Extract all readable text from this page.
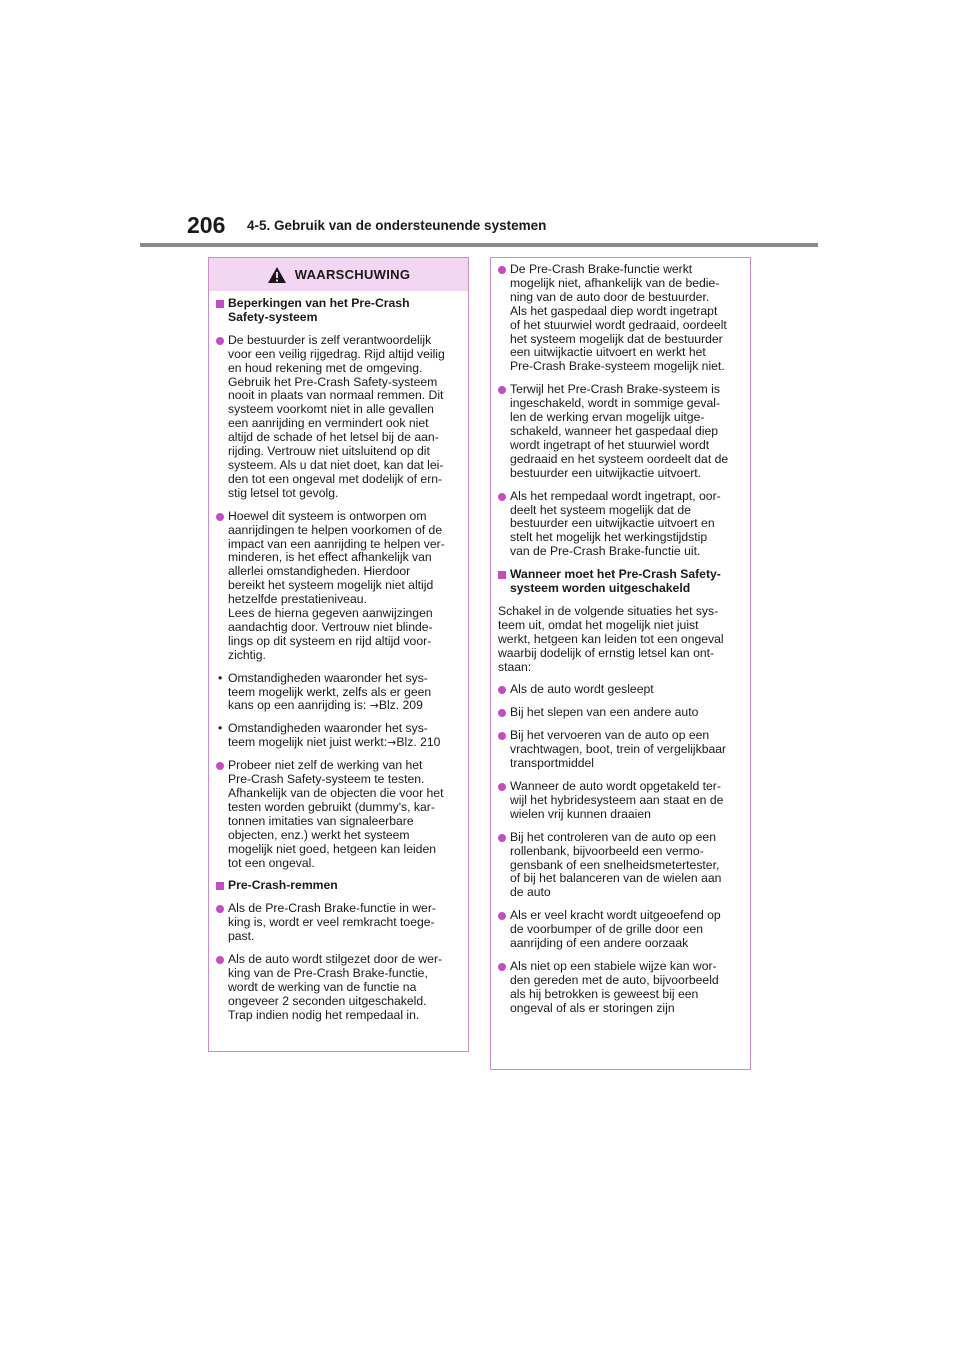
206 4-5. Gebruik van de ondersteunende systemen
WAARSCHUWING
Beperkingen van het Pre-Crash
Safety-systeem
De bestuurder is zelf verantwoordelijk
voor een veilig rijgedrag. Rijd altijd veilig
en houd rekening met de omgeving.
Gebruik het Pre-Crash Safety-systeem
nooit in plaats van normaal remmen. Dit
systeem voorkomt niet in alle gevallen
een aanrijding en vermindert ook niet
altijd de schade of het letsel bij de aan-
rijding. Vertrouw niet uitsluitend op dit
systeem. Als u dat niet doet, kan dat lei-
den tot een ongeval met dodelijk of ern-
stig letsel tot gevolg.
Hoewel dit systeem is ontworpen om
aanrijdingen te helpen voorkomen of de
impact van een aanrijding te helpen ver-
minderen, is het effect afhankelijk van
allerlei omstandigheden. Hierdoor
bereikt het systeem mogelijk niet altijd
hetzelfde prestatieniveau.
Lees de hierna gegeven aanwijzingen
aandachtig door. Vertrouw niet blinde-
lings op dit systeem en rijd altijd voor-
zichtig.
• Omstandigheden waaronder het sys-
teem mogelijk werkt, zelfs als er geen
kans op een aanrijding is: →Blz. 209
• Omstandigheden waaronder het sys-
teem mogelijk niet juist werkt:→Blz. 210
Probeer niet zelf de werking van het
Pre-Crash Safety-systeem te testen.
Afhankelijk van de objecten die voor het
testen worden gebruikt (dummy's, kar-
tonnen imitaties van signaleerbare
objecten, enz.) werkt het systeem
mogelijk niet goed, hetgeen kan leiden
tot een ongeval.
Pre-Crash-remmen
Als de Pre-Crash Brake-functie in wer-
king is, wordt er veel remkracht toege-
past.
Als de auto wordt stilgezet door de wer-
king van de Pre-Crash Brake-functie,
wordt de werking van de functie na
ongeveer 2 seconden uitgeschakeld.
Trap indien nodig het rempedaal in.
De Pre-Crash Brake-functie werkt
mogelijk niet, afhankelijk van de bedie-
ning van de auto door de bestuurder.
Als het gaspedaal diep wordt ingetrapt
of het stuurwiel wordt gedraaid, oordeelt
het systeem mogelijk dat de bestuurder
een uitwijkactie uitvoert en werkt het
Pre-Crash Brake-systeem mogelijk niet.
Terwijl het Pre-Crash Brake-systeem is
ingeschakeld, wordt in sommige geval-
len de werking ervan mogelijk uitge-
schakeld, wanneer het gaspedaal diep
wordt ingetrapt of het stuurwiel wordt
gedraaid en het systeem oordeelt dat de
bestuurder een uitwijkactie uitvoert.
Als het rempedaal wordt ingetrapt, oor-
deelt het systeem mogelijk dat de
bestuurder een uitwijkactie uitvoert en
stelt het mogelijk het werkingstijdstip
van de Pre-Crash Brake-functie uit.
Wanneer moet het Pre-Crash Safety-
systeem worden uitgeschakeld
Schakel in de volgende situaties het sys-
teem uit, omdat het mogelijk niet juist
werkt, hetgeen kan leiden tot een ongeval
waarbij dodelijk of ernstig letsel kan ont-
staan:
Als de auto wordt gesleept
Bij het slepen van een andere auto
Bij het vervoeren van de auto op een
vrachtwagen, boot, trein of vergelijkbaar
transportmiddel
Wanneer de auto wordt opgetakeld ter-
wijl het hybridesysteem aan staat en de
wielen vrij kunnen draaien
Bij het controleren van de auto op een
rollenbank, bijvoorbeeld een vermo-
gensbank of een snelheidsmetertester,
of bij het balanceren van de wielen aan
de auto
Als er veel kracht wordt uitgeoefend op
de voorbumper of de grille door een
aanrijding of een andere oorzaak
Als niet op een stabiele wijze kan wor-
den gereden met de auto, bijvoorbeeld
als hij betrokken is geweest bij een
ongeval of als er storingen zijn
